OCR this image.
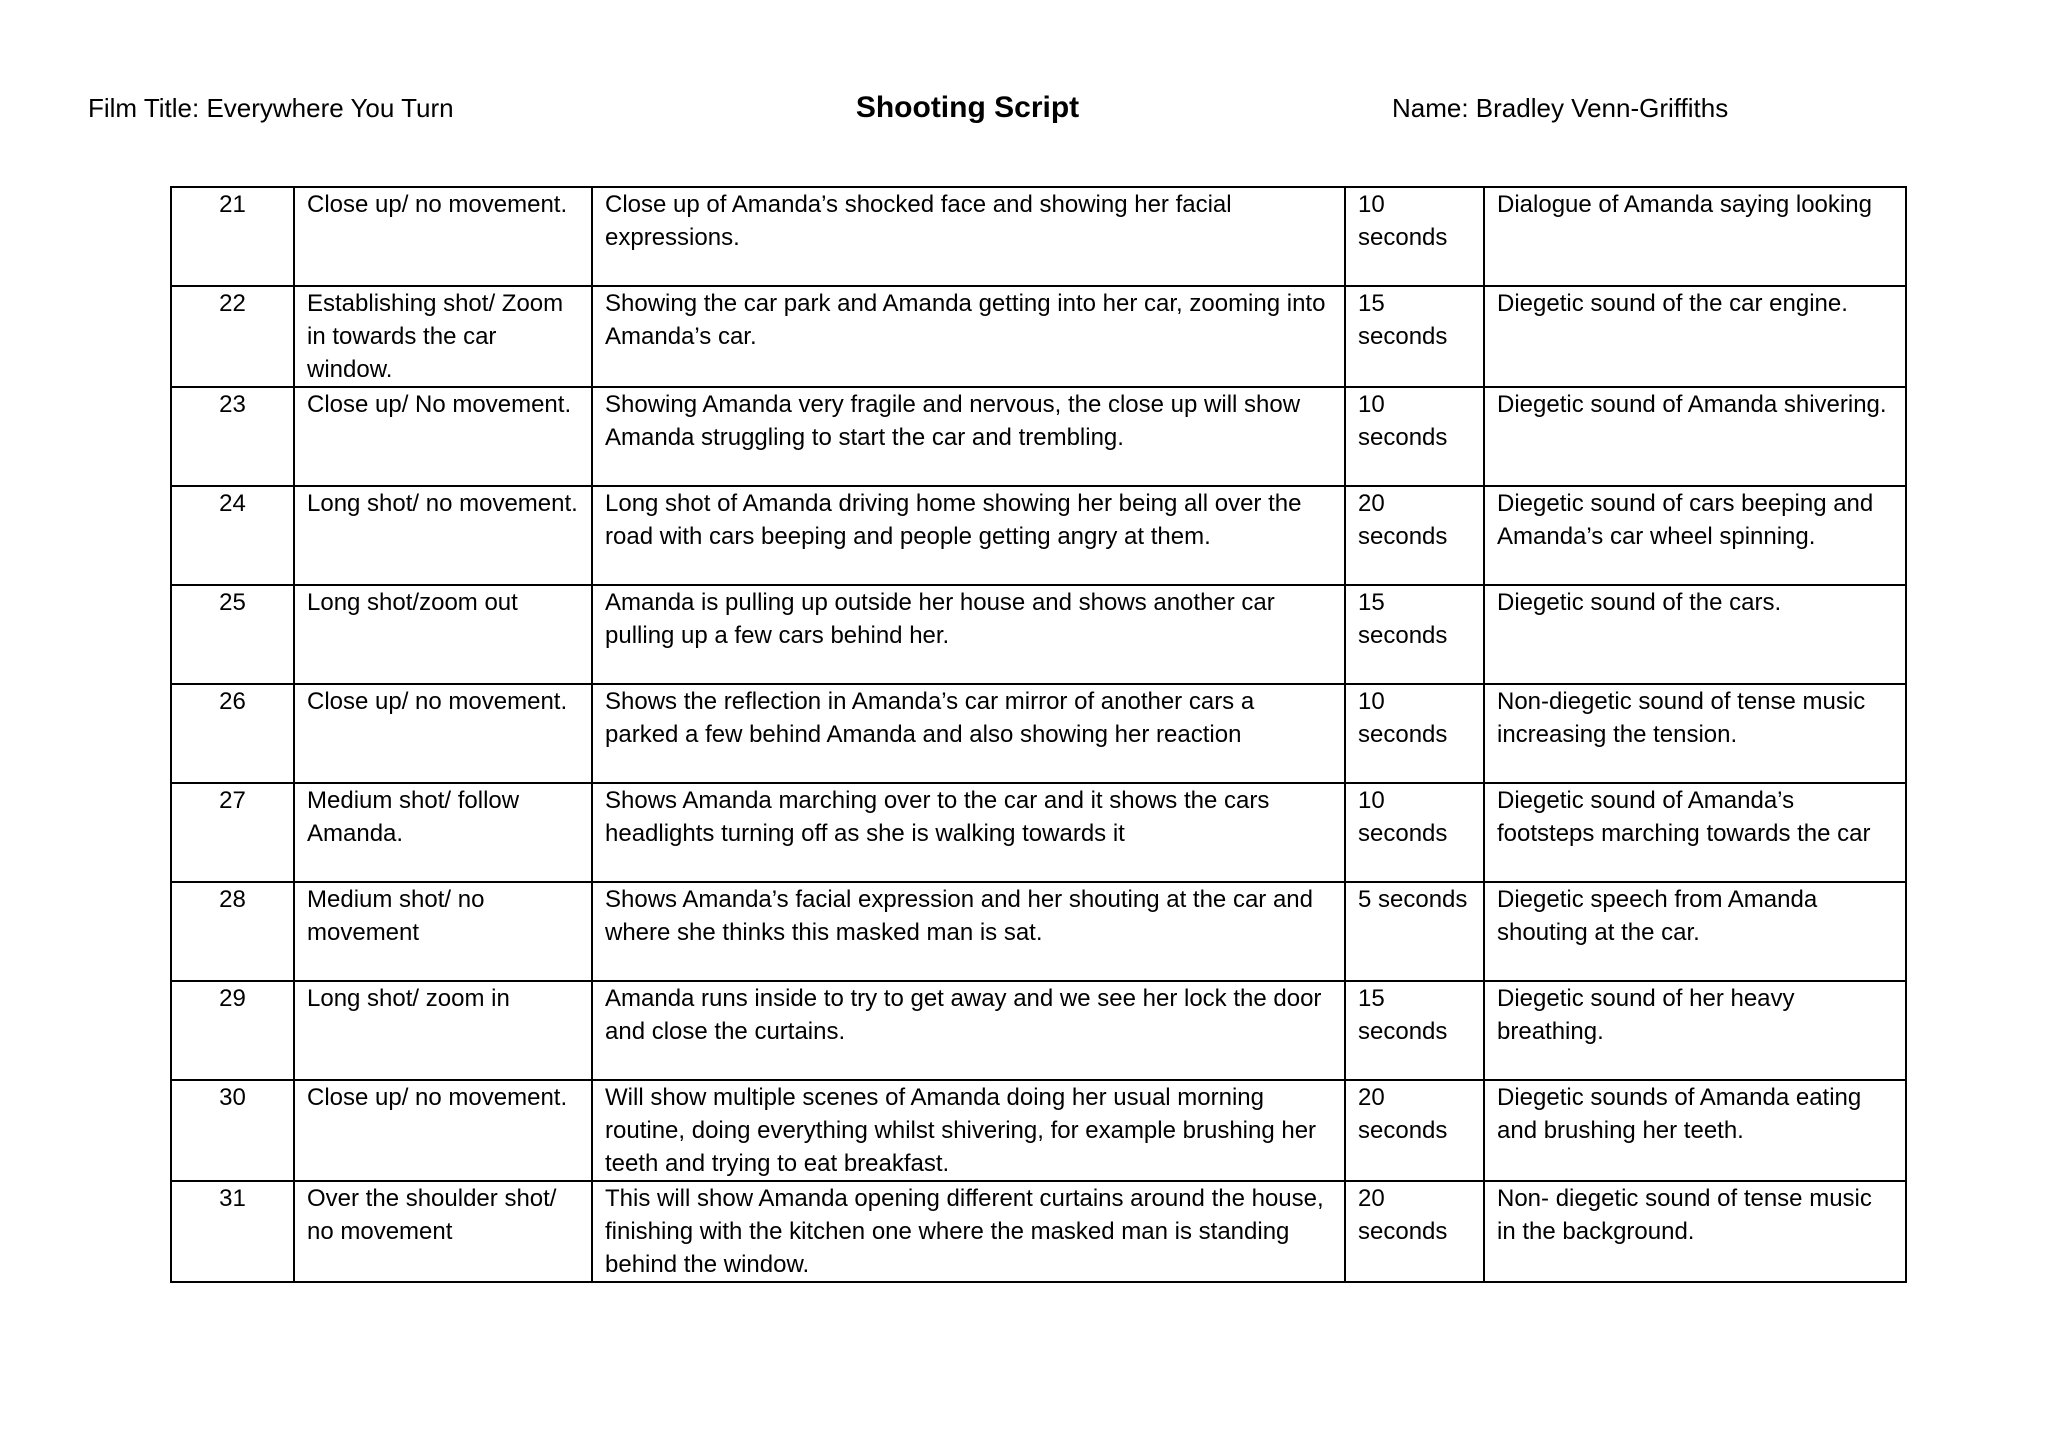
Film Title: Everywhere You Turn	Shooting Script	Name: Bradley Venn-Griffiths
21	Close up/ no movement.	Close up of Amanda’s shocked face and showing her facial expressions.	10 seconds	Dialogue of Amanda saying looking
22	Establishing shot/ Zoom in towards the car window.	Showing the car park and Amanda getting into her car, zooming into Amanda’s car.	15 seconds	Diegetic sound of the car engine.
23	Close up/ No movement.	Showing Amanda very fragile and nervous, the close up will show Amanda struggling to start the car and trembling.	10 seconds	Diegetic sound of Amanda shivering.
24	Long shot/ no movement.	Long shot of Amanda driving home showing her being all over the road with cars beeping and people getting angry at them.	20 seconds	Diegetic sound of cars beeping and Amanda’s car wheel spinning.
25	Long shot/zoom out	Amanda is pulling up outside her house and shows another car pulling up a few cars behind her.	15 seconds	Diegetic sound of the cars.
26	Close up/ no movement.	Shows the reflection in Amanda’s car mirror of another cars a parked a few behind Amanda and also showing her reaction	10 seconds	Non-diegetic sound of tense music increasing the tension.
27	Medium shot/ follow Amanda.	Shows Amanda marching over to the car and it shows the cars headlights turning off as she is walking towards it	10 seconds	Diegetic sound of Amanda’s footsteps marching towards the car
28	Medium shot/ no movement	Shows Amanda’s facial expression and her shouting at the car and where she thinks this masked man is sat.	5 seconds	Diegetic speech from Amanda shouting at the car.
29	Long shot/ zoom in	Amanda runs inside to try to get away and we see her lock the door and close the curtains.	15 seconds	Diegetic sound of her heavy breathing.
30	Close up/ no movement.	Will show multiple scenes of Amanda doing her usual morning routine, doing everything whilst shivering, for example brushing her teeth and trying to eat breakfast.	20 seconds	Diegetic sounds of Amanda eating and brushing her teeth.
31	Over the shoulder shot/ no movement	This will show Amanda opening different curtains around the house, finishing with the kitchen one where the masked man is standing behind the window.	20 seconds	Non- diegetic sound of tense music in the background.
